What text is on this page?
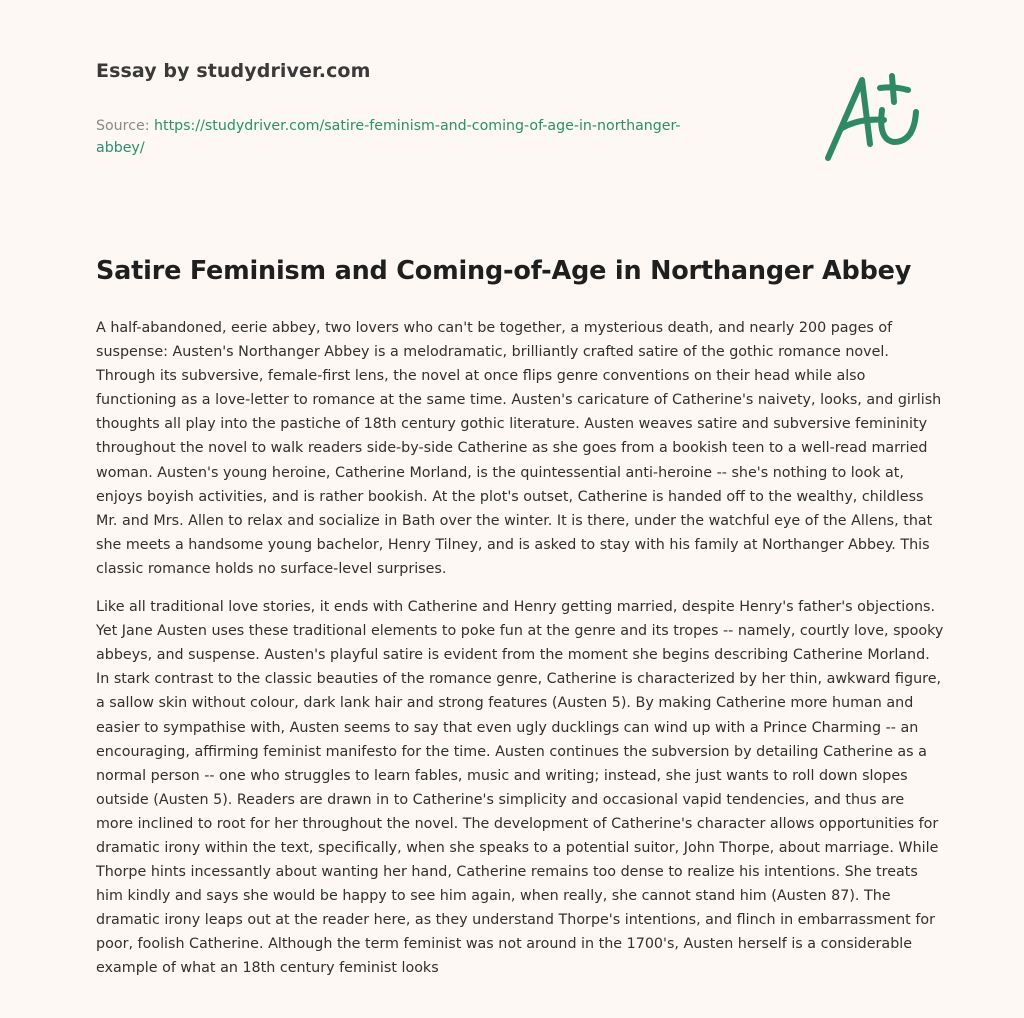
Essay by studydriver.com
Source: https://studydriver.com/satire-feminism-and-coming-of-age-in-northanger-
abbey/
Satire Feminism and Coming-of-Age in Northanger Abbey

A half-abandoned, eerie abbey, two lovers who can't be together, a mysterious death, and nearly 200 pages of suspense: Austen's Northanger Abbey is a melodramatic, brilliantly crafted satire of the gothic romance novel. Through its subversive, female-first lens, the novel at once flips genre conventions on their head while also functioning as a love-letter to romance at the same time. Austen's caricature of Catherine's naivety, looks, and girlish thoughts all play into the pastiche of 18th century gothic literature. Austen weaves satire and subversive femininity throughout the novel to walk readers side-by-side Catherine as she goes from a bookish teen to a well-read married woman. Austen's young heroine, Catherine Morland, is the quintessential anti-heroine -- she's nothing to look at, enjoys boyish activities, and is rather bookish. At the plot's outset, Catherine is handed off to the wealthy, childless Mr. and Mrs. Allen to relax and socialize in Bath over the winter. It is there, under the watchful eye of the Allens, that she meets a handsome young bachelor, Henry Tilney, and is asked to stay with his family at Northanger Abbey. This classic romance holds no surface-level surprises.

Like all traditional love stories, it ends with Catherine and Henry getting married, despite Henry's father's objections. Yet Jane Austen uses these traditional elements to poke fun at the genre and its tropes -- namely, courtly love, spooky abbeys, and suspense. Austen's playful satire is evident from the moment she begins describing Catherine Morland. In stark contrast to the classic beauties of the romance genre, Catherine is characterized by her thin, awkward figure, a sallow skin without colour, dark lank hair and strong features (Austen 5). By making Catherine more human and easier to sympathise with, Austen seems to say that even ugly ducklings can wind up with a Prince Charming -- an encouraging, affirming feminist manifesto for the time. Austen continues the subversion by detailing Catherine as a normal person -- one who struggles to learn fables, music and writing; instead, she just wants to roll down slopes outside (Austen 5). Readers are drawn in to Catherine's simplicity and occasional vapid tendencies, and thus are more inclined to root for her throughout the novel. The development of Catherine's character allows opportunities for dramatic irony within the text, specifically, when she speaks to a potential suitor, John Thorpe, about marriage. While Thorpe hints incessantly about wanting her hand, Catherine remains too dense to realize his intentions. She treats him kindly and says she would be happy to see him again, when really, she cannot stand him (Austen 87). The dramatic irony leaps out at the reader here, as they understand Thorpe's intentions, and flinch in embarrassment for poor, foolish Catherine. Although the term feminist was not around in the 1700's, Austen herself is a considerable example of what an 18th century feminist looks
